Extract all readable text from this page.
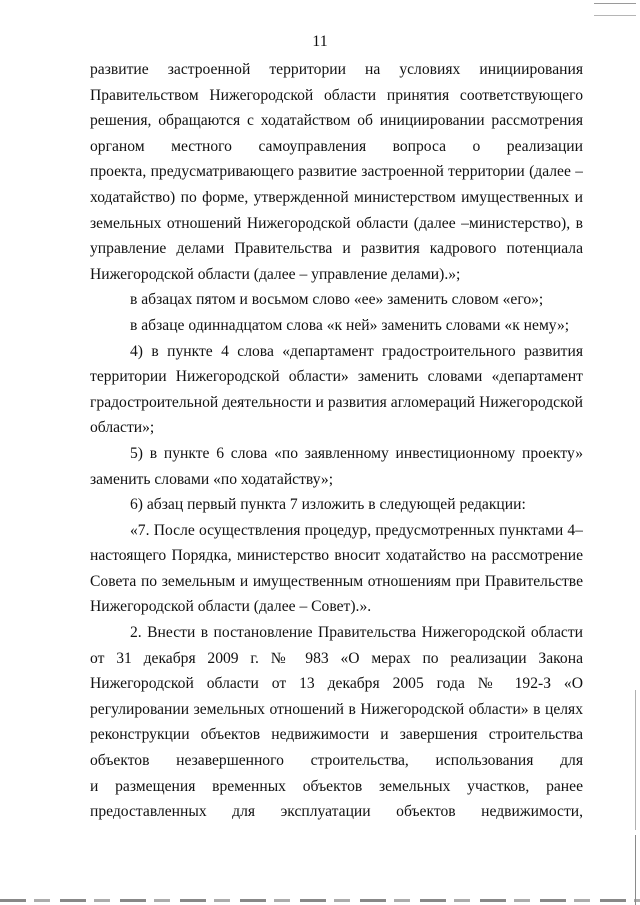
11
развитие застроенной территории на условиях инициирования
Правительством Нижегородской области принятия соответствующего
решения, обращаются с ходатайством об инициировании рассмотрения
органом местного самоуправления вопроса о реализации
проекта, предусматривающего развитие застроенной территории (далее –
ходатайство) по форме, утвержденной министерством имущественных и
земельных отношений Нижегородской области (далее –министерство), в
управление делами Правительства и развития кадрового потенциала
Нижегородской области (далее – управление делами).»;
в абзацах пятом и восьмом слово «ее» заменить словом «его»;
в абзаце одиннадцатом слова «к ней» заменить словами «к нему»;
4) в пункте 4 слова «департамент градостроительного развития
территории Нижегородской области» заменить словами «департамент
градостроительной деятельности и развития агломераций Нижегородской
области»;
5) в пункте 6 слова «по заявленному инвестиционному проекту»
заменить словами «по ходатайству»;
6) абзац первый пункта 7 изложить в следующей редакции:
«7. После осуществления процедур, предусмотренных пунктами 4–
настоящего Порядка, министерство вносит ходатайство на рассмотрение
Совета по земельным и имущественным отношениям при Правительстве
Нижегородской области (далее – Совет).».
2. Внести в постановление Правительства Нижегородской области
от 31 декабря 2009 г. № 983 «О мерах по реализации Закона
Нижегородской области от 13 декабря 2005 года № 192-З «О
регулировании земельных отношений в Нижегородской области» в целях
реконструкции объектов недвижимости и завершения строительства
объектов незавершенного строительства, использования для
и размещения временных объектов земельных участков, ранее
предоставленных для эксплуатации объектов недвижимости,
